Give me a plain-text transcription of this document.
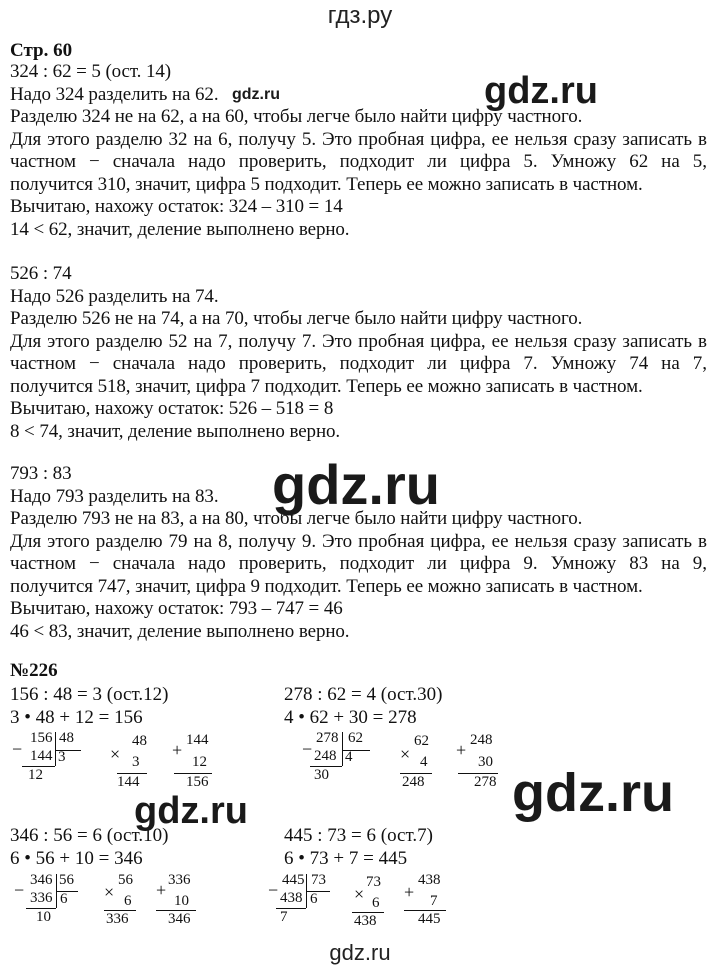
гдз.ру
Стр. 60
324 : 62 = 5 (ост. 14)
Надо 324 разделить на 62.
Разделю 324 не на 62, а на 60, чтобы легче было найти цифру частного.
Для этого разделю 32 на 6, получу 5. Это пробная цифра, ее нельзя сразу записать в
частном − сначала надо проверить, подходит ли цифра 5. Умножу 62 на 5,
получится 310, значит, цифра 5 подходит. Теперь ее можно записать в частном.
Вычитаю, нахожу остаток: 324 – 310 = 14
14 < 62, значит, деление выполнено верно.
526 : 74
Надо 526 разделить на 74.
Разделю 526 не на 74, а на 70, чтобы легче было найти цифру частного.
Для этого разделю 52 на 7, получу 7. Это пробная цифра, ее нельзя сразу записать в
частном − сначала надо проверить, подходит ли цифра 7. Умножу 74 на 7,
получится 518, значит, цифра 7 подходит. Теперь ее можно записать в частном.
Вычитаю, нахожу остаток: 526 – 518 = 8
8 < 74, значит, деление выполнено верно.
793 : 83
Надо 793 разделить на 83.
Разделю 793 не на 83, а на 80, чтобы легче было найти цифру частного.
Для этого разделю 79 на 8, получу 9. Это пробная цифра, ее нельзя сразу записать в
частном − сначала надо проверить, подходит ли цифра 9. Умножу 83 на 9,
получится 747, значит, цифра 9 подходит. Теперь ее можно записать в частном.
Вычитаю, нахожу остаток: 793 – 747 = 46
46 < 83, значит, деление выполнено верно.
№226
156 : 48 = 3 (ост.12)
3 • 48 + 12 = 156
−
156 48
144 3
12
×
48
3
144
+ 144
12
156
278 : 62 = 4 (ост.30)
4 • 62 + 30 = 278
−
278 62
248 4
30
×
62
4
248
+ 248
30
278
346 : 56 = 6 (ост.10)
6 • 56 + 10 = 346
− 346 56
336 6
10
×
56
6
336
+ 336
10
346
445 : 73 = 6 (ост.7)
6 • 73 + 7 = 445
− 445 73
438 6
7
×
73
6
438
+
438
7
445
gdz.ru	gdz.ru
gdz.ru
gdz.ru
gdz.ru
gdz.ru
